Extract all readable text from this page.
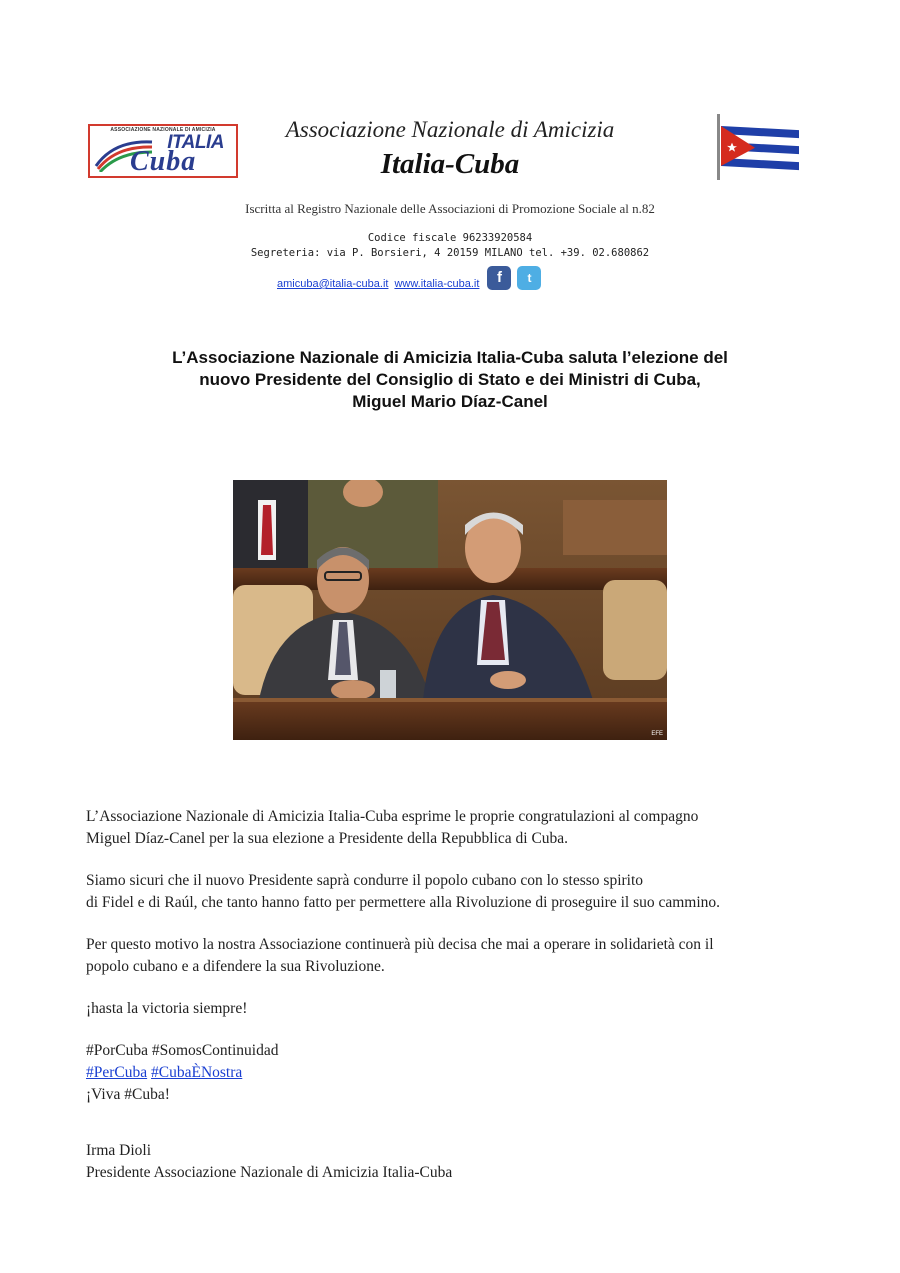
ASSOCIAZIONE NAZIONALE DI AMICIZIA
ITALIA
Cuba
Associazione Nazionale di Amicizia
Italia-Cuba
Iscritta al Registro Nazionale delle Associazioni di Promozione Sociale al n.82
Codice fiscale 96233920584
Segreteria: via P. Borsieri, 4 20159 MILANO tel. +39. 02.680862
amicuba@italia-cuba.it www.italia-cuba.it	f	t
L’Associazione Nazionale di Amicizia Italia-Cuba saluta l’elezione del
nuovo Presidente del Consiglio di Stato e dei Ministri di Cuba,
Miguel Mario Díaz-Canel
EFE

L’Associazione Nazionale di Amicizia Italia-Cuba esprime le proprie congratulazioni al compagno
Miguel Díaz-Canel per la sua elezione a Presidente della Repubblica di Cuba.

Siamo sicuri che il nuovo Presidente saprà condurre il popolo cubano con lo stesso spirito
di Fidel e di Raúl, che tanto hanno fatto per permettere alla Rivoluzione di proseguire il suo cammino.

Per questo motivo la nostra Associazione continuerà più decisa che mai a operare in solidarietà con il
popolo cubano e a difendere la sua Rivoluzione.

¡hasta la victoria siempre!

#PorCuba #SomosContinuidad
#PerCuba #CubaÈNostra
¡Viva #Cuba!

Irma Dioli
Presidente Associazione Nazionale di Amicizia Italia-Cuba
